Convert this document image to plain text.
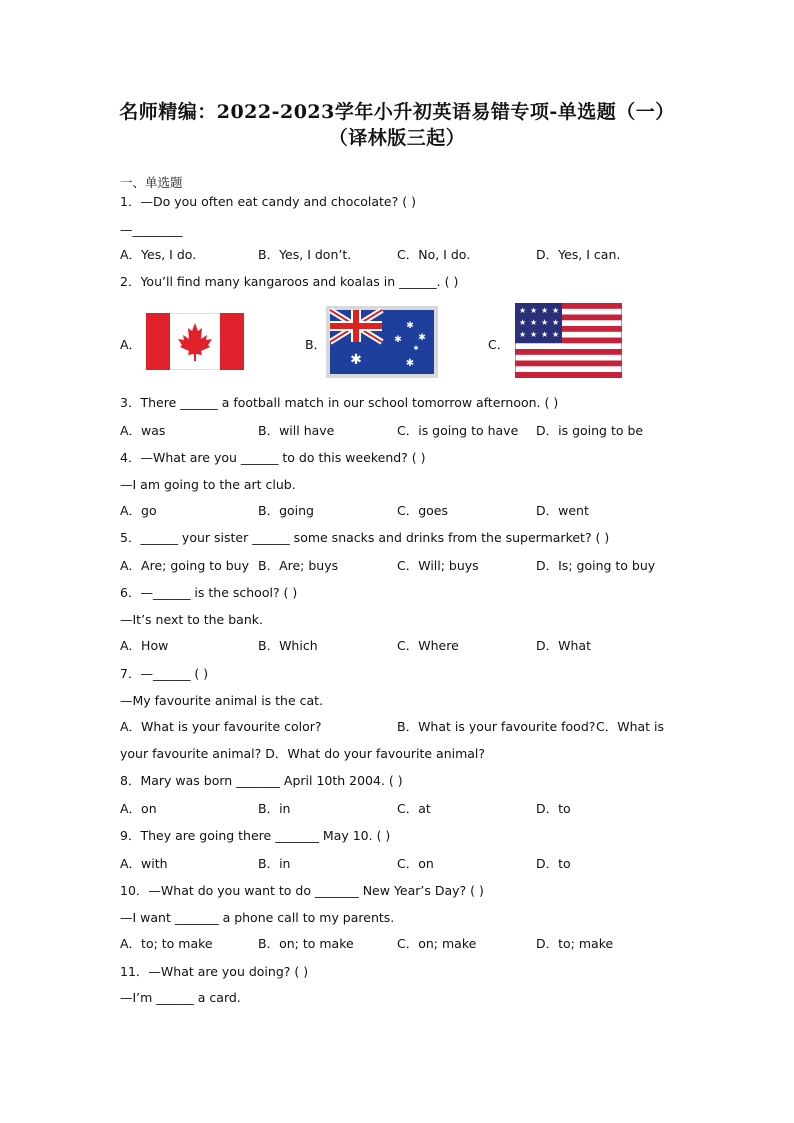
名师精编：2022-2023学年小升初英语易错专项-单选题（一）
（译林版三起）
一、单选题
1．—Do you often eat candy and chocolate? ( )
—________
A．Yes, I do.	B．Yes, I don’t.	C．No, I do.	D．Yes, I can.
2．You’ll find many kangaroos and koalas in ______. ( )
A．	B．
✱
✱
✱ ✱
✱
✱	C．
★ ★ ★ ★
★ ★ ★ ★
★ ★ ★ ★
3．There ______ a football match in our school tomorrow afternoon. ( )
A．was	B．will have	C．is going to have D．is going to be
4．—What are you ______ to do this weekend? ( )
—I am going to the art club.
A．go	B．going	C．goes	D．went
5．______ your sister ______ some snacks and drinks from the supermarket? ( )
A．Are; going to buy B．Are; buys	C．Will; buys	D．Is; going to buy
6．—______ is the school? ( )
—It’s next to the bank.
A．How	B．Which	C．Where	D．What
7．—______ ( )
—My favourite animal is the cat.
A．What is your favourite color?	B．What is your favourite food? C．What is
your favourite animal? D．What do your favourite animal?
8．Mary was born _______ April 10th 2004. ( )
A．on	B．in	C．at	D．to
9．They are going there _______ May 10. ( )
A．with	B．in	C．on	D．to
10．—What do you want to do _______ New Year’s Day? ( )
—I want _______ a phone call to my parents.
A．to; to make	B．on; to make	C．on; make	D．to; make
11．—What are you doing? ( )
—I’m ______ a card.
